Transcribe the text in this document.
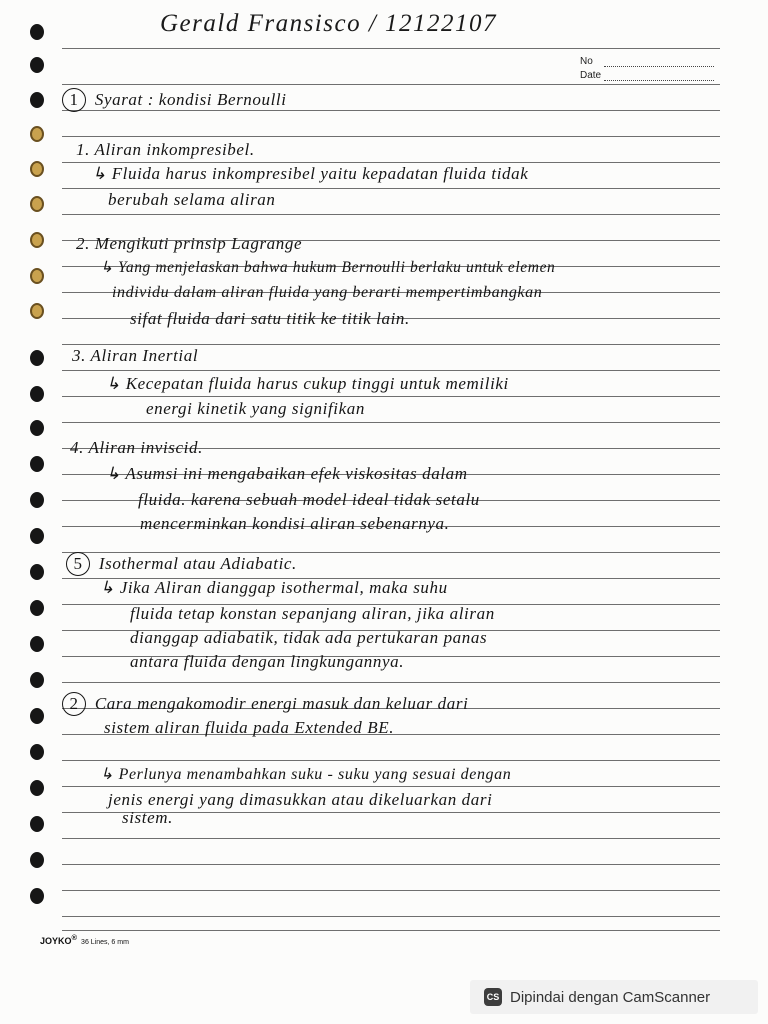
Gerald Fransisco / 12122107
No
Date
1 Syarat : kondisi Bernoulli
1. Aliran inkompresibel.
↳ Fluida harus inkompresibel yaitu kepadatan fluida tidak
berubah selama aliran
2. Mengikuti prinsip Lagrange
↳ Yang menjelaskan bahwa hukum Bernoulli berlaku untuk elemen
individu dalam aliran fluida yang berarti mempertimbangkan
sifat fluida dari satu titik ke titik lain.
3. Aliran Inertial
↳ Kecepatan fluida harus cukup tinggi untuk memiliki
energi kinetik yang signifikan
4. Aliran inviscid.
↳ Asumsi ini mengabaikan efek viskositas dalam
fluida. karena sebuah model ideal tidak setalu
mencerminkan kondisi aliran sebenarnya.
5 Isothermal atau Adiabatic.
↳ Jika Aliran dianggap isothermal, maka suhu
fluida tetap konstan sepanjang aliran, jika aliran
dianggap adiabatik, tidak ada pertukaran panas
antara fluida dengan lingkungannya.
2 Cara mengakomodir energi masuk dan keluar dari
sistem aliran fluida pada Extended BE.
↳ Perlunya menambahkan suku - suku yang sesuai dengan
jenis energi yang dimasukkan atau dikeluarkan dari
sistem.
JOYKO®36 Lines, 6 mm
CS Dipindai dengan CamScanner
